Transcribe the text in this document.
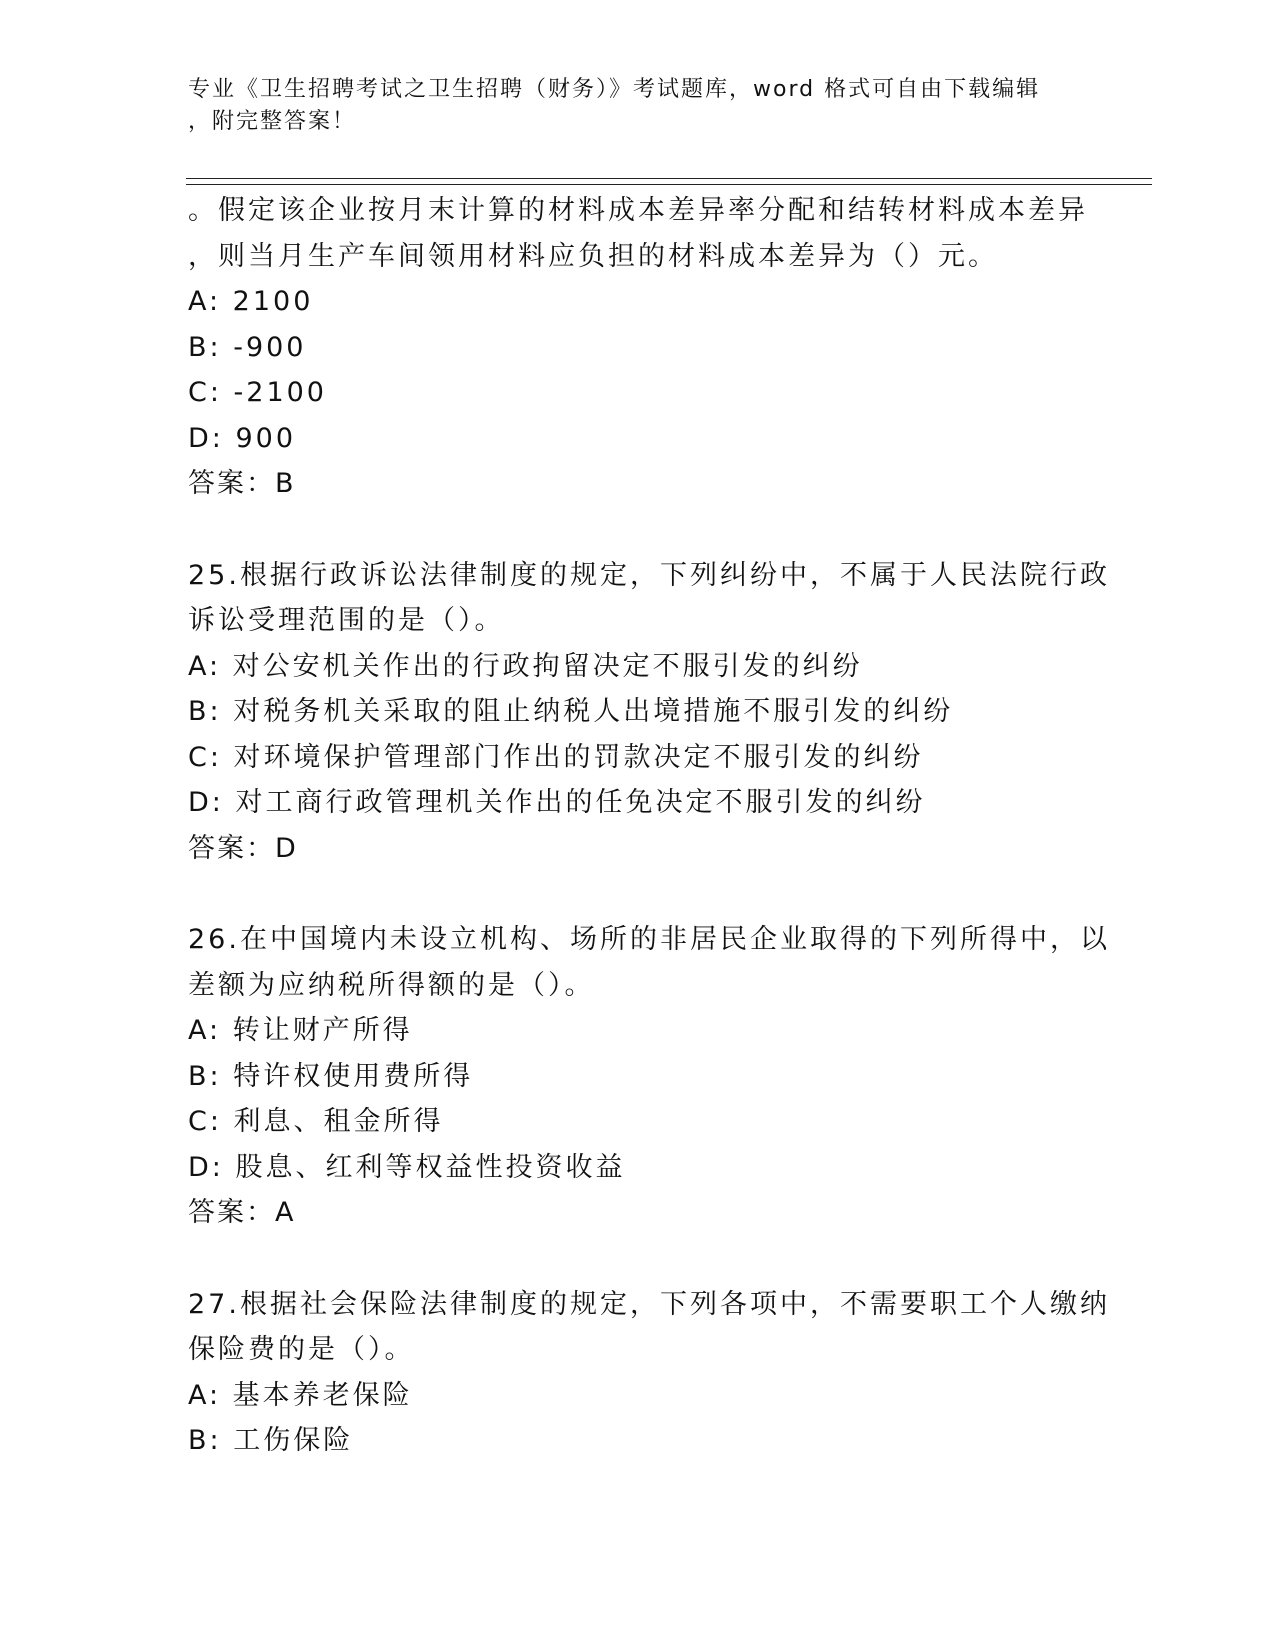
专业《卫生招聘考试之卫生招聘（财务）》考试题库，word 格式可自由下载编辑
，附完整答案！
。假定该企业按月末计算的材料成本差异率分配和结转材料成本差异
，则当月生产车间领用材料应负担的材料成本差异为（）元。
A: 2100
B: -900
C: -2100
D: 900
答案：B
25.根据行政诉讼法律制度的规定，下列纠纷中，不属于人民法院行政
诉讼受理范围的是（）。
A: 对公安机关作出的行政拘留决定不服引发的纠纷
B: 对税务机关采取的阻止纳税人出境措施不服引发的纠纷
C: 对环境保护管理部门作出的罚款决定不服引发的纠纷
D: 对工商行政管理机关作出的任免决定不服引发的纠纷
答案：D
26.在中国境内未设立机构、场所的非居民企业取得的下列所得中，以
差额为应纳税所得额的是（）。
A: 转让财产所得
B: 特许权使用费所得
C: 利息、租金所得
D: 股息、红利等权益性投资收益
答案：A
27.根据社会保险法律制度的规定，下列各项中，不需要职工个人缴纳
保险费的是（）。
A: 基本养老保险
B: 工伤保险
